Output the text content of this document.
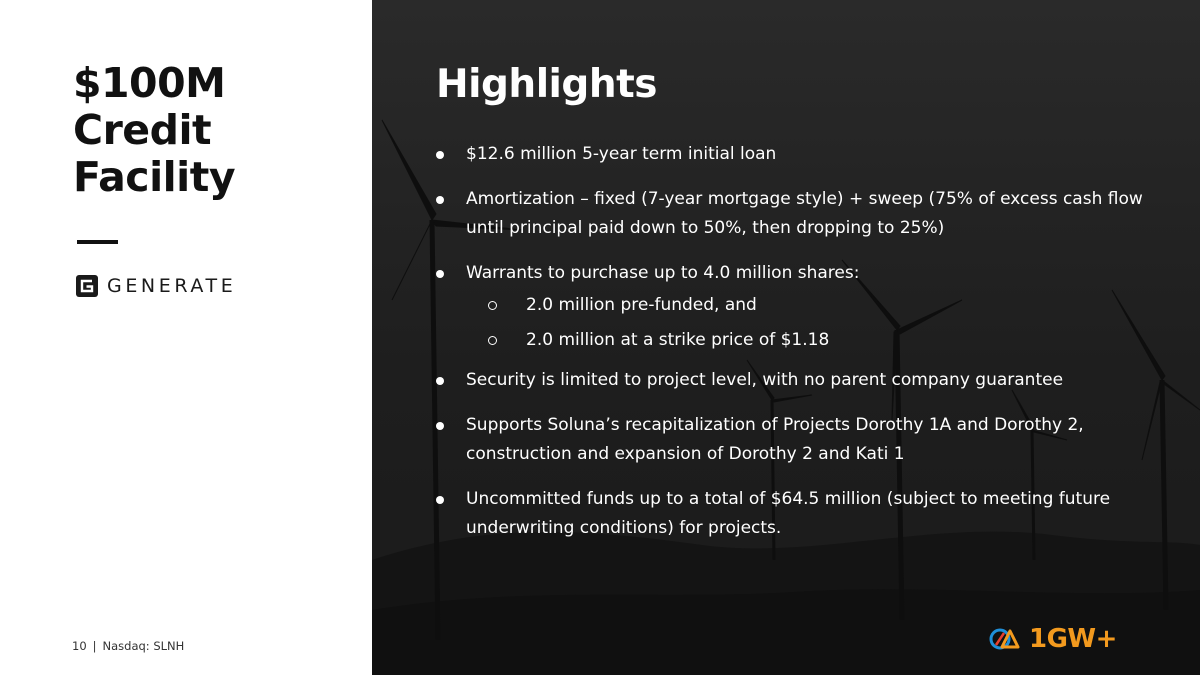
$100M
Credit
Facility
GENERATE
10 | Nasdaq: SLNH
Highlights
$12.6 million 5-year term initial loan
Amortization – fixed (7-year mortgage style) + sweep (75% of excess cash flow until principal paid down to 50%, then dropping to 25%)
Warrants to purchase up to 4.0 million shares:
2.0 million pre-funded, and
2.0 million at a strike price of $1.18
Security is limited to project level, with no parent company guarantee
Supports Soluna’s recapitalization of Projects Dorothy 1A and Dorothy 2, construction and expansion of Dorothy 2 and Kati 1
Uncommitted funds up to a total of $64.5 million (subject to meeting future underwriting conditions) for projects.
1GW+
